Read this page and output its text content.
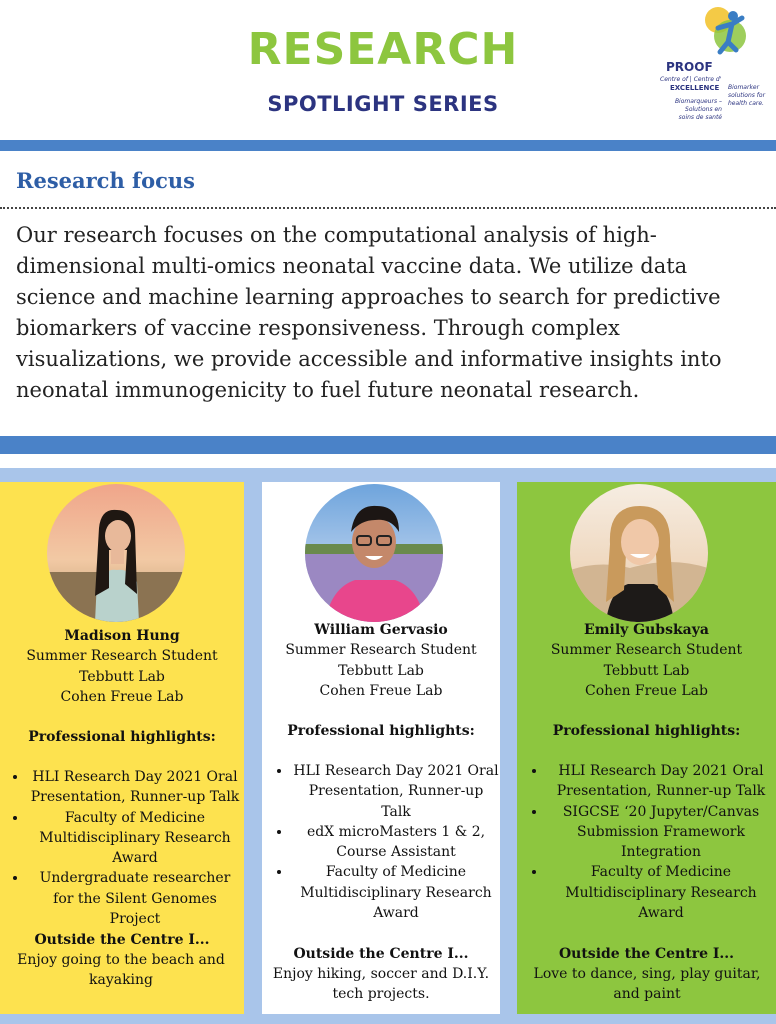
RESEARCH
SPOTLIGHT SERIES
PROOF
Centre of | Centre d'
EXCELLENCE
Biomarqueurs – Solutions en soins de santé
Biomarker solutions for health care.
Research focus
Our research focuses on the computational analysis of high-dimensional multi-omics neonatal vaccine data. We utilize data science and machine learning approaches to search for predictive biomarkers of vaccine responsiveness. Through complex visualizations, we provide accessible and informative insights into neonatal immunogenicity to fuel future neonatal research.
Madison Hung
Summer Research Student
Tebbutt Lab
Cohen Freue Lab
Professional highlights:
• HLI Research Day 2021 Oral Presentation, Runner-up Talk
• Faculty of Medicine Multidisciplinary Research Award
• Undergraduate researcher for the Silent Genomes Project
Outside the Centre I...
Enjoy going to the beach and kayaking
William Gervasio
Summer Research Student
Tebbutt Lab
Cohen Freue Lab
Professional highlights:
• HLI Research Day 2021 Oral Presentation, Runner-up Talk
• edX microMasters 1 & 2, Course Assistant
• Faculty of Medicine Multidisciplinary Research Award
Outside the Centre I...
Enjoy hiking, soccer and D.I.Y. tech projects.
Emily Gubskaya
Summer Research Student
Tebbutt Lab
Cohen Freue Lab
Professional highlights:
• HLI Research Day 2021 Oral Presentation, Runner-up Talk
• SIGCSE ‘20 Jupyter/Canvas Submission Framework Integration
• Faculty of Medicine Multidisciplinary Research Award
Outside the Centre I...
Love to dance, sing, play guitar, and paint
